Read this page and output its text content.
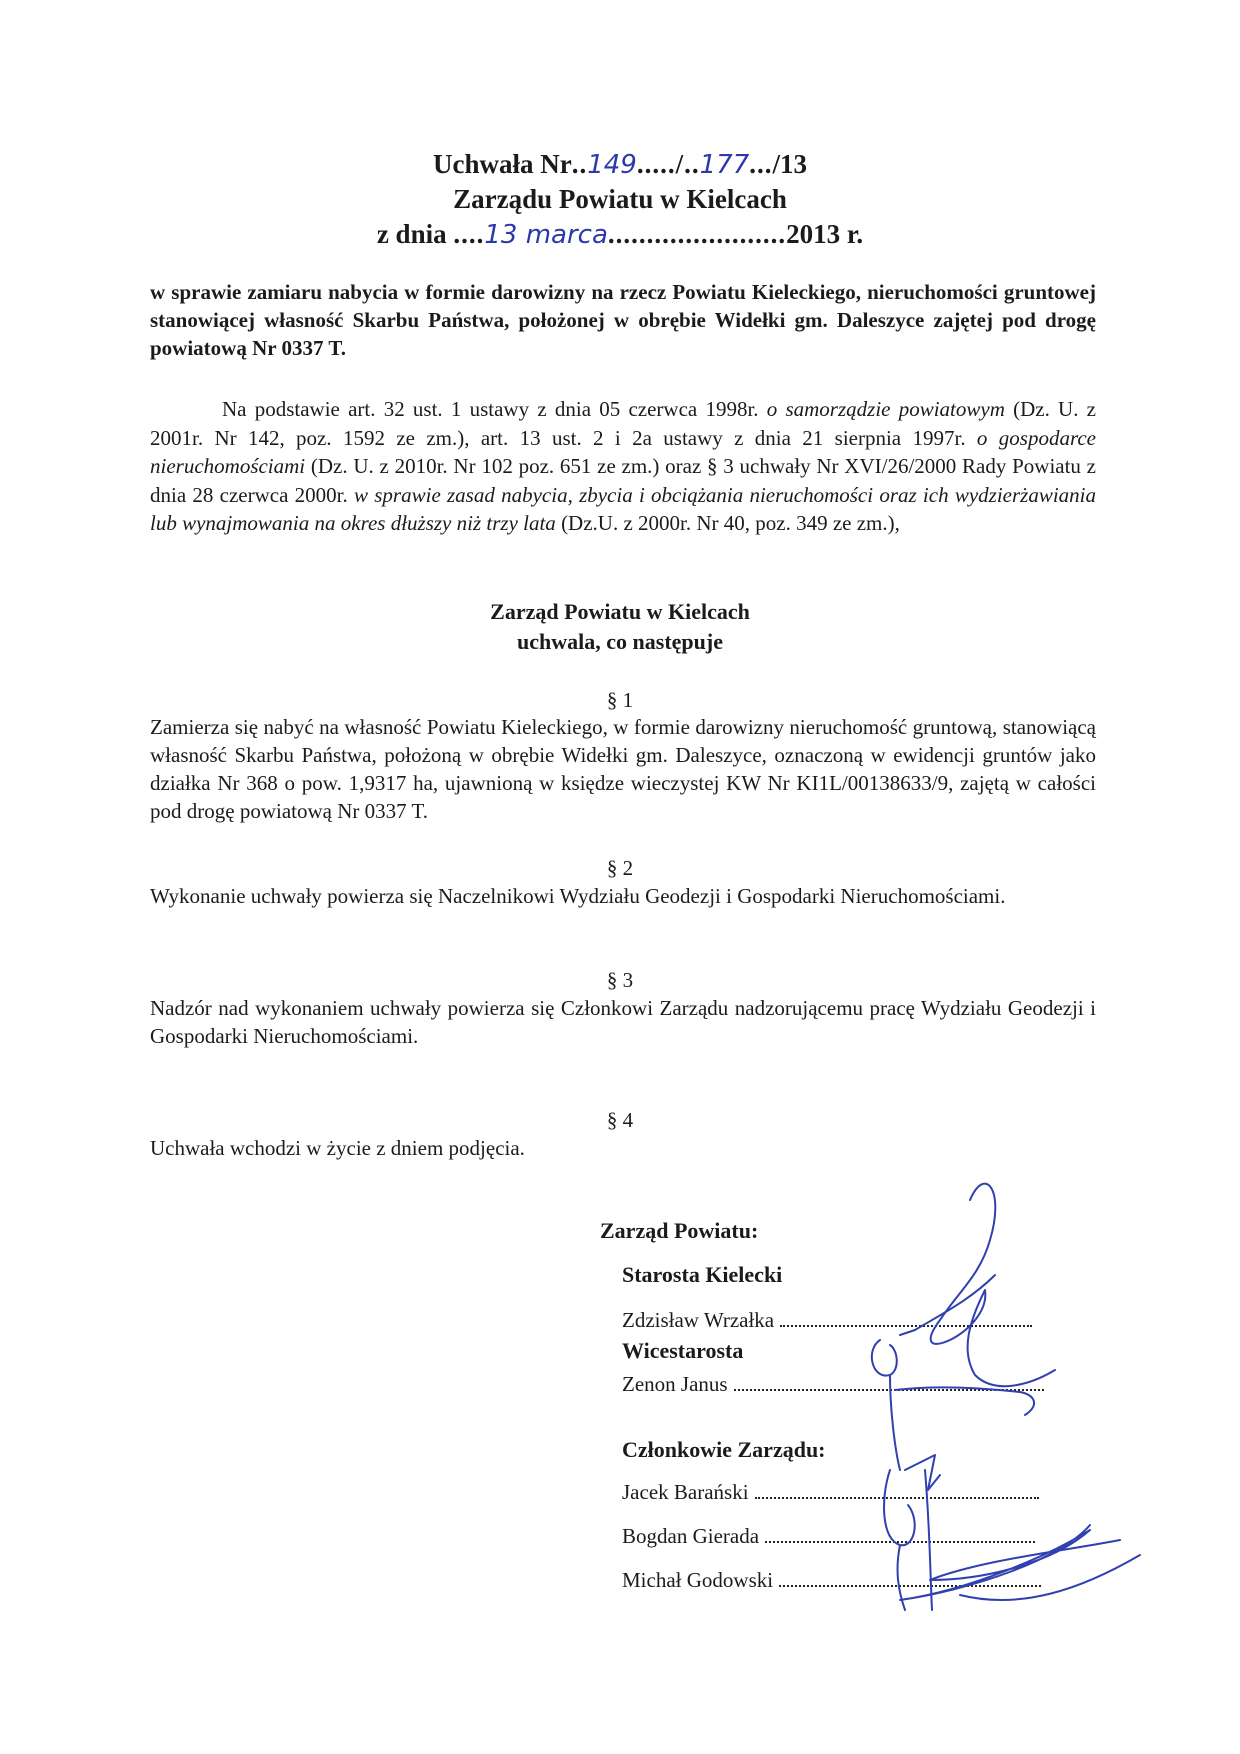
Uchwała Nr..149...../..177.../13
Zarządu Powiatu w Kielcach
z dnia ....13 marca.......................2013 r.
w sprawie zamiaru nabycia w formie darowizny na rzecz Powiatu Kieleckiego, nieruchomości gruntowej stanowiącej własność Skarbu Państwa, położonej w obrębie Widełki gm. Daleszyce zajętej pod drogę powiatową Nr 0337 T.
Na podstawie art. 32 ust. 1 ustawy z dnia 05 czerwca 1998r. o samorządzie powiatowym (Dz. U. z 2001r. Nr 142, poz. 1592 ze zm.), art. 13 ust. 2 i 2a ustawy z dnia 21 sierpnia 1997r. o gospodarce nieruchomościami (Dz. U. z 2010r. Nr 102 poz. 651 ze zm.) oraz § 3 uchwały Nr XVI/26/2000 Rady Powiatu z dnia 28 czerwca 2000r. w sprawie zasad nabycia, zbycia i obciążania nieruchomości oraz ich wydzierżawiania lub wynajmowania na okres dłuższy niż trzy lata (Dz.U. z 2000r. Nr 40, poz. 349 ze zm.),
Zarząd Powiatu w Kielcach
uchwala, co następuje
§ 1
Zamierza się nabyć na własność Powiatu Kieleckiego, w formie darowizny nieruchomość gruntową, stanowiącą własność Skarbu Państwa, położoną w obrębie Widełki gm. Daleszyce, oznaczoną w ewidencji gruntów jako działka Nr 368 o pow. 1,9317 ha, ujawnioną w księdze wieczystej KW Nr KI1L/00138633/9, zajętą w całości pod drogę powiatową Nr 0337 T.
§ 2
Wykonanie uchwały powierza się Naczelnikowi Wydziału Geodezji i Gospodarki Nieruchomościami.
§ 3
Nadzór nad wykonaniem uchwały powierza się Członkowi Zarządu nadzorującemu pracę Wydziału Geodezji i Gospodarki Nieruchomościami.
§ 4
Uchwała wchodzi w życie z dniem podjęcia.
Zarząd Powiatu:
Starosta Kielecki
Zdzisław Wrzałka
Wicestarosta
Zenon Janus
Członkowie Zarządu:
Jacek Barański
Bogdan Gierada
Michał Godowski
